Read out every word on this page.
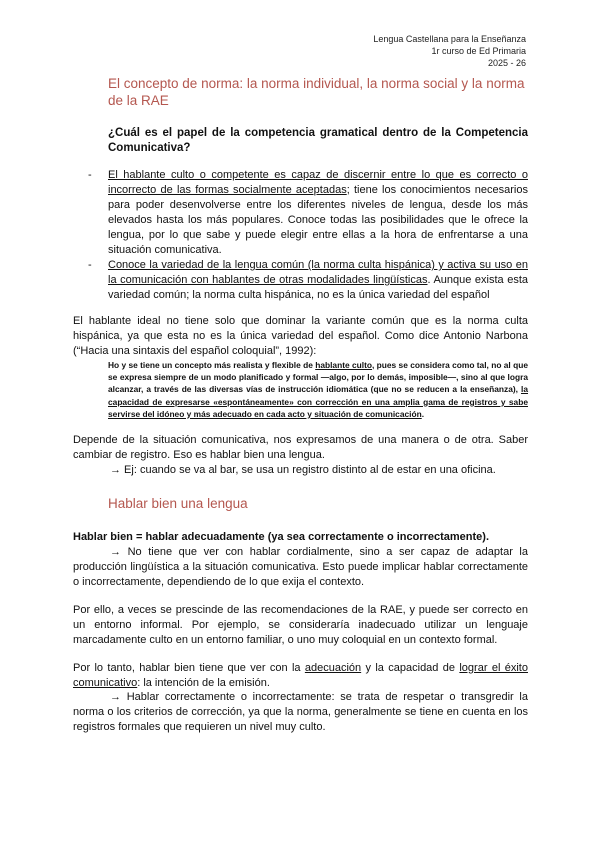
Lengua Castellana para la Enseñanza
1r curso de Ed Primaria
2025 - 26
El concepto de norma: la norma individual, la norma social y la norma de la RAE
¿Cuál es el papel de la competencia gramatical dentro de la Competencia Comunicativa?
- El hablante culto o competente es capaz de discernir entre lo que es correcto o incorrecto de las formas socialmente aceptadas; tiene los conocimientos necesarios para poder desenvolverse entre los diferentes niveles de lengua, desde los más elevados hasta los más populares. Conoce todas las posibilidades que le ofrece la lengua, por lo que sabe y puede elegir entre ellas a la hora de enfrentarse a una situación comunicativa.
- Conoce la variedad de la lengua común (la norma culta hispánica) y activa su uso en la comunicación con hablantes de otras modalidades lingüísticas. Aunque exista esta variedad común; la norma culta hispánica, no es la única variedad del español
El hablante ideal no tiene solo que dominar la variante común que es la norma culta hispánica, ya que esta no es la única variedad del español. Como dice Antonio Narbona (“Hacia una sintaxis del español coloquial”, 1992):
Ho y se tiene un concepto más realista y flexible de hablante culto, pues se considera como tal, no al que se expresa siempre de un modo planificado y formal —algo, por lo demás, imposible—, sino al que logra alcanzar, a través de las diversas vías de instrucción idiomática (que no se reducen a la enseñanza), la capacidad de expresarse «espontáneamente» con corrección en una amplia gama de registros y sabe servirse del idóneo y más adecuado en cada acto y situación de comunicación.
Depende de la situación comunicativa, nos expresamos de una manera o de otra. Saber cambiar de registro. Eso es hablar bien una lengua.
→ Ej: cuando se va al bar, se usa un registro distinto al de estar en una oficina.
Hablar bien una lengua
Hablar bien = hablar adecuadamente (ya sea correctamente o incorrectamente).
→ No tiene que ver con hablar cordialmente, sino a ser capaz de adaptar la producción lingüística a la situación comunicativa. Esto puede implicar hablar correctamente o incorrectamente, dependiendo de lo que exija el contexto.
Por ello, a veces se prescinde de las recomendaciones de la RAE, y puede ser correcto en un entorno informal. Por ejemplo, se consideraría inadecuado utilizar un lenguaje marcadamente culto en un entorno familiar, o uno muy coloquial en un contexto formal.
Por lo tanto, hablar bien tiene que ver con la adecuación y la capacidad de lograr el éxito comunicativo: la intención de la emisión.
→ Hablar correctamente o incorrectamente: se trata de respetar o transgredir la norma o los criterios de corrección, ya que la norma, generalmente se tiene en cuenta en los registros formales que requieren un nivel muy culto.
